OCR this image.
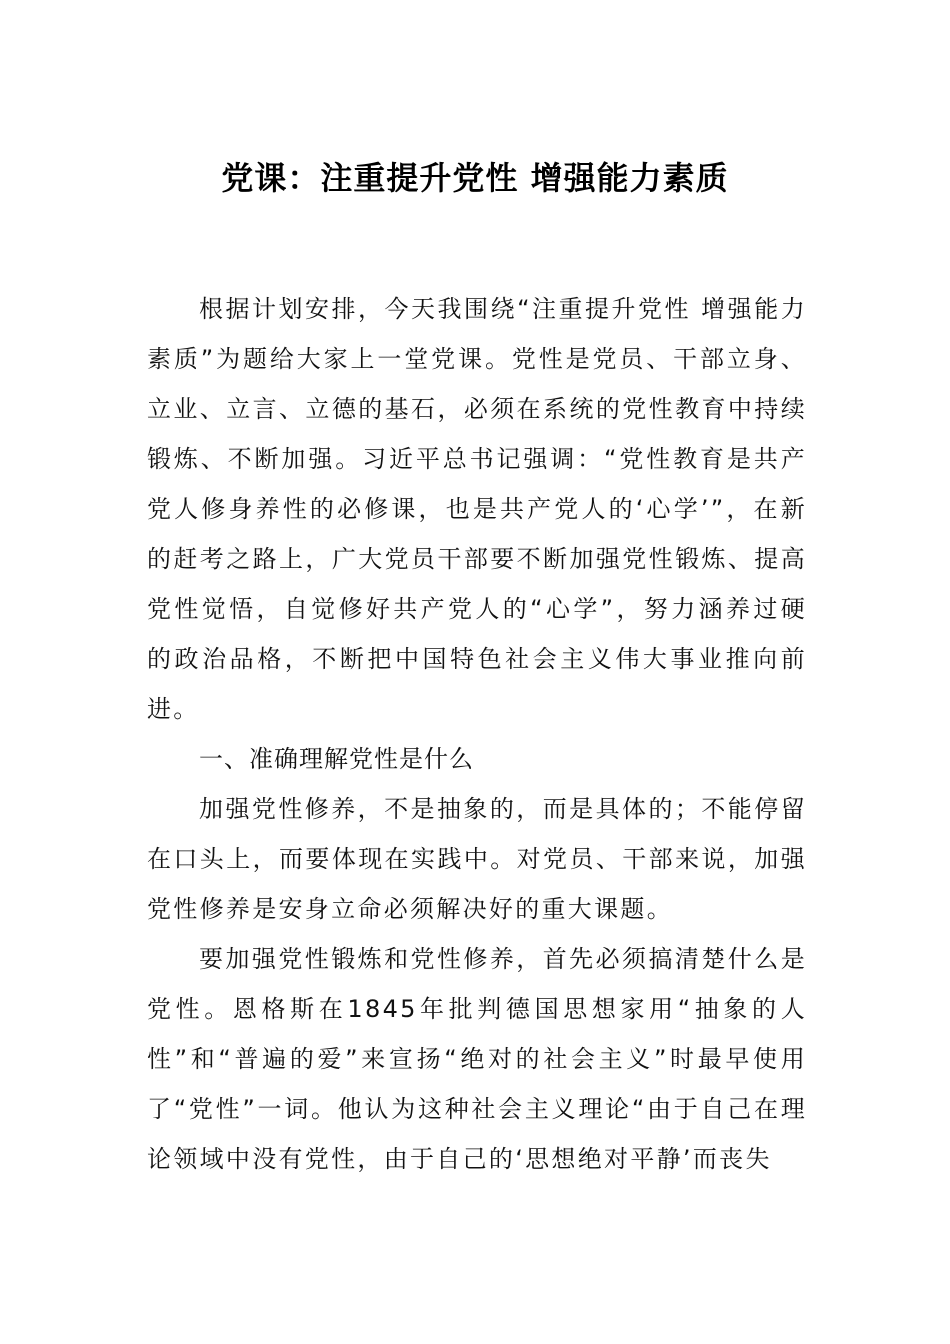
党课：注重提升党性 增强能力素质

根据计划安排，今天我围绕“注重提升党性 增强能力素质”为题给大家上一堂党课。党性是党员、干部立身、立业、立言、立德的基石，必须在系统的党性教育中持续锻炼、不断加强。习近平总书记强调：“党性教育是共产党人修身养性的必修课，也是共产党人的‘心学’”，在新的赶考之路上，广大党员干部要不断加强党性锻炼、提高党性觉悟，自觉修好共产党人的“心学”，努力涵养过硬的政治品格，不断把中国特色社会主义伟大事业推向前进。

一、准确理解党性是什么

加强党性修养，不是抽象的，而是具体的；不能停留在口头上，而要体现在实践中。对党员、干部来说，加强党性修养是安身立命必须解决好的重大课题。

要加强党性锻炼和党性修养，首先必须搞清楚什么是党性。恩格斯在1845年批判德国思想家用“抽象的人性”和“普遍的爱”来宣扬“绝对的社会主义”时最早使用了“党性”一词。他认为这种社会主义理论“由于自己在理论领域中没有党性，由于自己的‘思想绝对平静’而丧失
